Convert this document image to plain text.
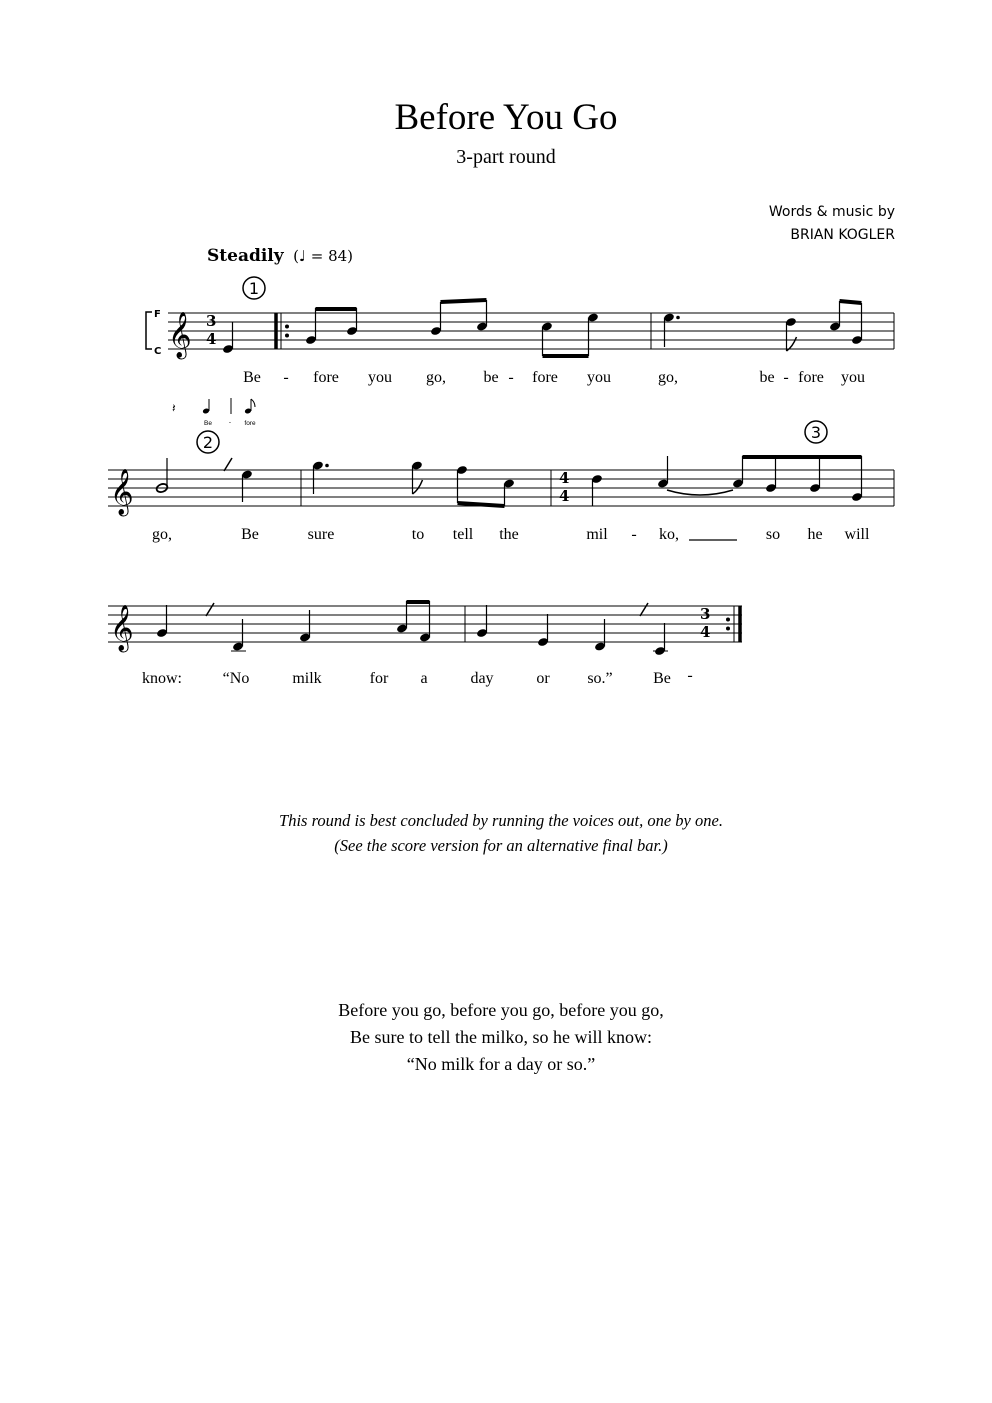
Before You Go
3-part round
Words & music by
BRIAN KOGLER
Steadily (♩ = 84)
F
C 𝄞 3
4
1
Be - fore you go, be - fore you	go,	be - fore you
𝄽
Be	- fore
𝄞
2
4
4
3
go,	Be	sure	to tell the	mil - ko,	so he will
𝄞	3
4
know:	“No	milk	for a	day	or so.”	Be -
This round is best concluded by running the voices out, one by one.
(See the score version for an alternative final bar.)
Before you go, before you go, before you go,
Be sure to tell the milko, so he will know:
“No milk for a day or so.”
